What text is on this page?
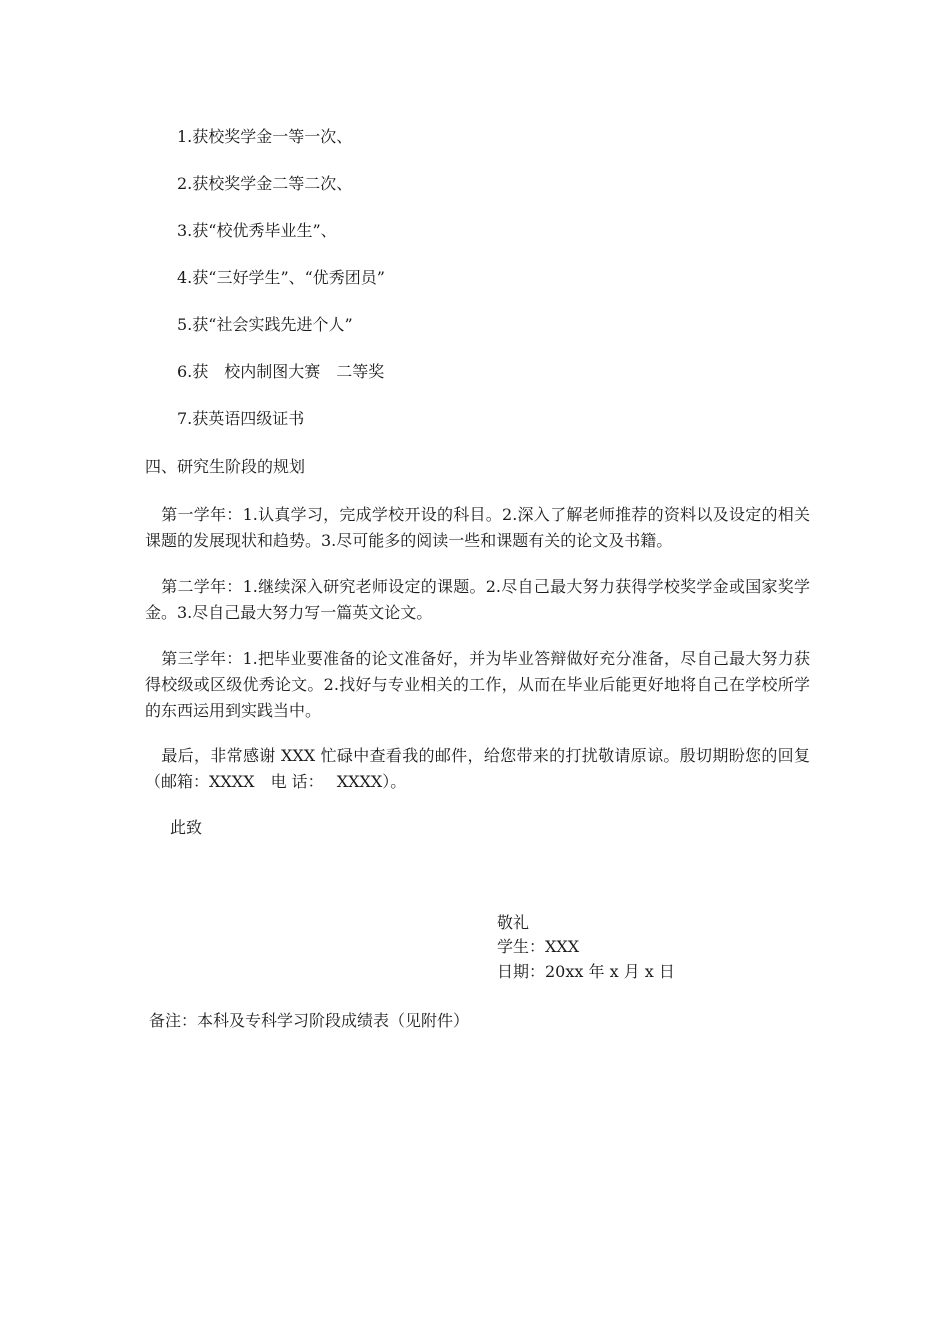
1.获校奖学金一等一次、
2.获校奖学金二等二次、
3.获“校优秀毕业生”、
4.获“三好学生”、“优秀团员”
5.获“社会实践先进个人”
6.获　校内制图大赛　二等奖
7.获英语四级证书
四、研究生阶段的规划
　第一学年：1.认真学习，完成学校开设的科目。2.深入了解老师推荐的资料以及设定的相关课题的发展现状和趋势。3.尽可能多的阅读一些和课题有关的论文及书籍。
　第二学年：1.继续深入研究老师设定的课题。2.尽自己最大努力获得学校奖学金或国家奖学金。3.尽自己最大努力写一篇英文论文。
　第三学年：1.把毕业要准备的论文准备好，并为毕业答辩做好充分准备，尽自己最大努力获得校级或区级优秀论文。2.找好与专业相关的工作，从而在毕业后能更好地将自己在学校所学的东西运用到实践当中。
　最后，非常感谢 XXX 忙碌中查看我的邮件，给您带来的打扰敬请原谅。殷切期盼您的回复（邮箱：XXXX　电 话：　 XXXX）。
此致
敬礼
学生：XXX
日期：20xx 年 x 月 x 日
备注：本科及专科学习阶段成绩表（见附件）
